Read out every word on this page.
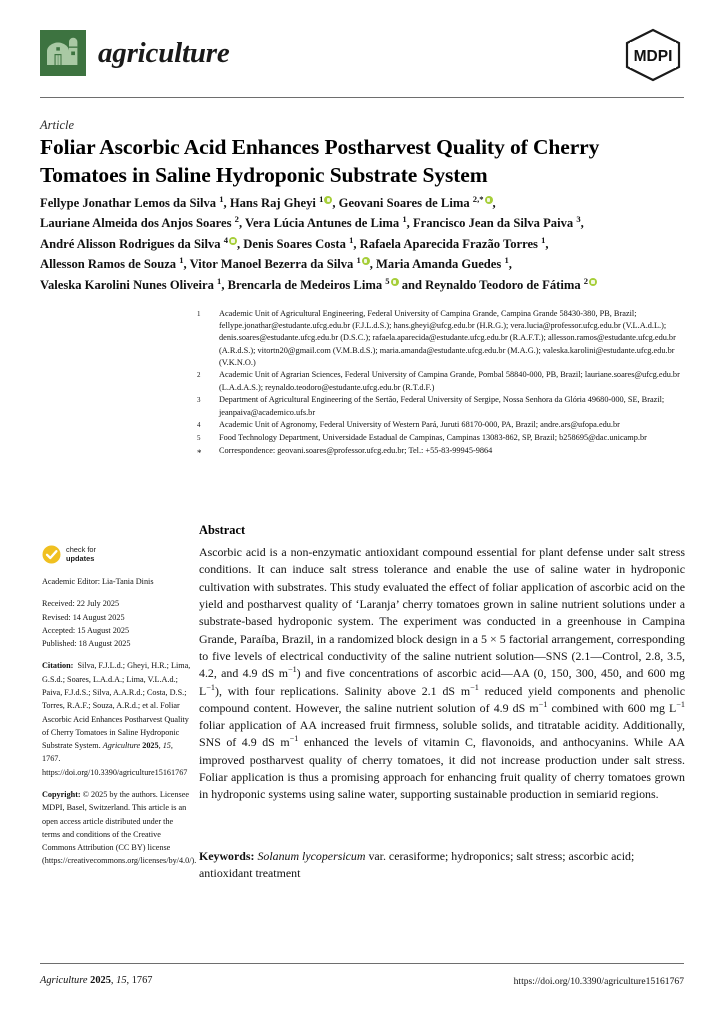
agriculture	MDPI
Article
Foliar Ascorbic Acid Enhances Postharvest Quality of Cherry Tomatoes in Saline Hydroponic Substrate System
Fellype Jonathar Lemos da Silva $^1$, Hans Raj Gheyi $^1$ , Geovani Soares de Lima $^{2,*}$ ,
Lauriane Almeida dos Anjos Soares $^2$, Vera Lúcia Antunes de Lima $^1$, Francisco Jean da Silva Paiva $^3$,
André Alisson Rodrigues da Silva $^4$ , Denis Soares Costa $^1$, Rafaela Aparecida Frazão Torres $^1$,
Allesson Ramos de Souza $^1$, Vitor Manoel Bezerra da Silva $^1$ , Maria Amanda Guedes $^1$,
Valeska Karolini Nunes Oliveira $^1$, Brencarla de Medeiros Lima $^5$ and Reynaldo Teodoro de Fátima $^2$
1	Academic Unit of Agricultural Engineering, Federal University of Campina Grande, Campina Grande 58430-380, PB, Brazil; fellype.jonathar@estudante.ufcg.edu.br (F.J.L.d.S.); hans.gheyi@ufcg.edu.br (H.R.G.); vera.lucia@professor.ufcg.edu.br (V.L.A.d.L.); denis.soares@estudante.ufcg.edu.br (D.S.C.); rafaela.aparecida@estudante.ufcg.edu.br (R.A.F.T.); allesson.ramos@estudante.ufcg.edu.br (A.R.d.S.); vitortn20@gmail.com (V.M.B.d.S.); maria.amanda@estudante.ufcg.edu.br (M.A.G.); valeska.karolini@estudante.ufcg.edu.br (V.K.N.O.)
2	Academic Unit of Agrarian Sciences, Federal University of Campina Grande, Pombal 58840-000, PB, Brazil; lauriane.soares@ufcg.edu.br (L.A.d.A.S.); reynaldo.teodoro@estudante.ufcg.edu.br (R.T.d.F.)
3	Department of Agricultural Engineering of the Sertão, Federal University of Sergipe, Nossa Senhora da Glória 49680-000, SE, Brazil; jeanpaiva@academico.ufs.br
4	Academic Unit of Agronomy, Federal University of Western Pará, Juruti 68170-000, PA, Brazil; andre.ars@ufopa.edu.br
5	Food Technology Department, Universidade Estadual de Campinas, Campinas 13083-862, SP, Brazil; b258695@dac.unicamp.br
*	Correspondence: geovani.soares@professor.ufcg.edu.br; Tel.: +55-83-99945-9864
check for
updates
Academic Editor: Lia-Tania Dinis
Received: 22 July 2025
Revised: 14 August 2025
Accepted: 15 August 2025
Published: 18 August 2025
Citation:  Silva, F.J.L.d.; Gheyi, H.R.; Lima, G.S.d.; Soares, L.A.d.A.; Lima, V.L.A.d.; Paiva, F.J.d.S.; Silva, A.A.R.d.; Costa, D.S.; Torres, R.A.F.; Souza, A.R.d.; et al. Foliar Ascorbic Acid Enhances Postharvest Quality of Cherry Tomatoes in Saline Hydroponic Substrate System. Agriculture 2025, 15, 1767. https://doi.org/10.3390/agriculture15161767
Copyright: © 2025 by the authors. Licensee MDPI, Basel, Switzerland. This article is an open access article distributed under the terms and conditions of the Creative Commons Attribution (CC BY) license (https://creativecommons.org/licenses/by/4.0/).
Abstract
Ascorbic acid is a non-enzymatic antioxidant compound essential for plant defense under salt stress conditions. It can induce salt stress tolerance and enable the use of saline water in hydroponic cultivation with substrates. This study evaluated the effect of foliar application of ascorbic acid on the yield and postharvest quality of ‘Laranja’ cherry tomatoes grown in saline nutrient solutions under a substrate-based hydroponic system. The experiment was conducted in a greenhouse in Campina Grande, Paraíba, Brazil, in a randomized block design in a 5 × 5 factorial arrangement, corresponding to five levels of electrical conductivity of the saline nutrient solution—SNS (2.1—Control, 2.8, 3.5, 4.2, and 4.9 dS $m^{-1}$) and five concentrations of ascorbic acid—AA (0, 150, 300, 450, and 600 mg $L^{-1}$), with four replications. Salinity above 2.1 dS $m^{-1}$ reduced yield components and phenolic compound content. However, the saline nutrient solution of 4.9 dS $m^{-1}$ combined with 600 mg $L^{-1}$ foliar application of AA increased fruit firmness, soluble solids, and titratable acidity. Additionally, SNS of 4.9 dS $m^{-1}$ enhanced the levels of vitamin C, flavonoids, and anthocyanins. While AA improved postharvest quality of cherry tomatoes, it did not increase production under salt stress. Foliar application is thus a promising approach for enhancing fruit quality of cherry tomatoes grown in hydroponic systems using saline water, supporting sustainable production in semiarid regions.
Keywords: Solanum lycopersicum var. cerasiforme; hydroponics; salt stress; ascorbic acid; antioxidant treatment
Agriculture 2025, 15, 1767	https://doi.org/10.3390/agriculture15161767
